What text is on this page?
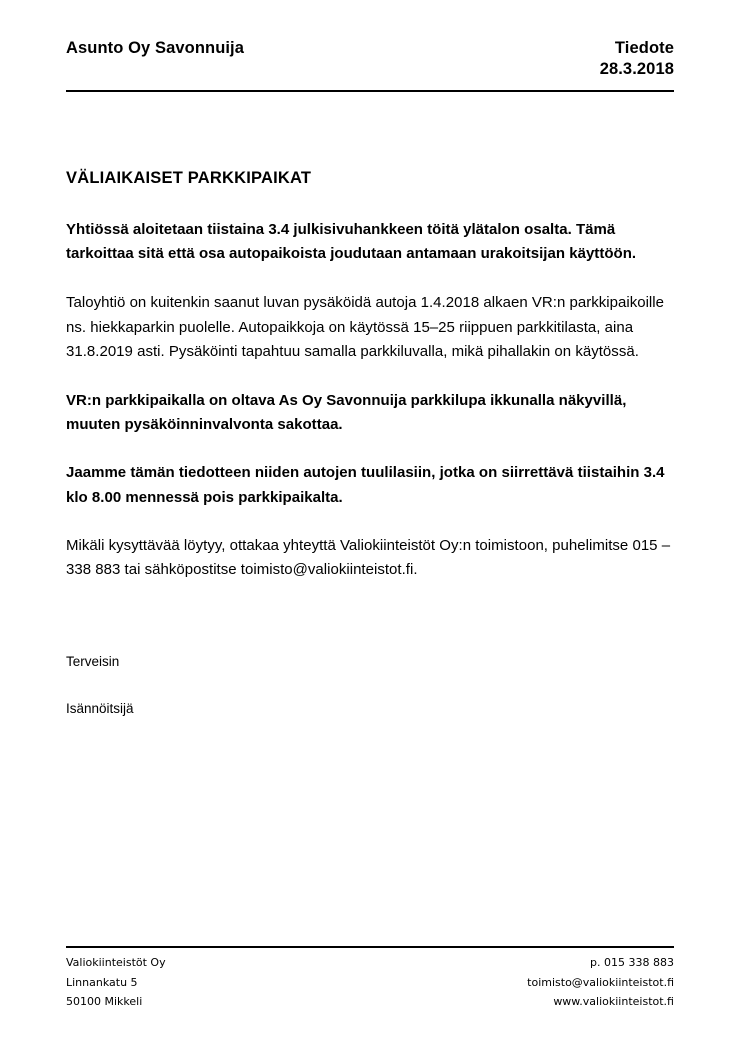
Asunto Oy Savonnuija	Tiedote
28.3.2018
VÄLIAIKAISET PARKKIPAIKAT

Yhtiössä aloitetaan tiistaina 3.4 julkisivuhankkeen töitä ylätalon osalta. Tämä tarkoittaa sitä että osa autopaikoista joudutaan antamaan urakoitsijan käyttöön.

Taloyhtiö on kuitenkin saanut luvan pysäköidä autoja 1.4.2018 alkaen VR:n parkkipaikoille ns. hiekkaparkin puolelle. Autopaikkoja on käytössä 15–25 riippuen parkkitilasta, aina 31.8.2019 asti. Pysäköinti tapahtuu samalla parkkiluvalla, mikä pihallakin on käytössä.

VR:n parkkipaikalla on oltava As Oy Savonnuija parkkilupa ikkunalla näkyvillä, muuten pysäköinninvalvonta sakottaa.

Jaamme tämän tiedotteen niiden autojen tuulilasiin, jotka on siirrettävä tiistaihin 3.4 klo 8.00 mennessä pois parkkipaikalta.

Mikäli kysyttävää löytyy, ottakaa yhteyttä Valiokiinteistöt Oy:n toimistoon, puhelimitse 015 – 338 883 tai sähköpostitse toimisto@valiokiinteistot.fi.

Terveisin

Isännöitsijä

Valiokiinteistöt Oy
Linnankatu 5
50100 Mikkeli
p. 015 338 883
toimisto@valiokiinteistot.fi
www.valiokiinteistot.fi
